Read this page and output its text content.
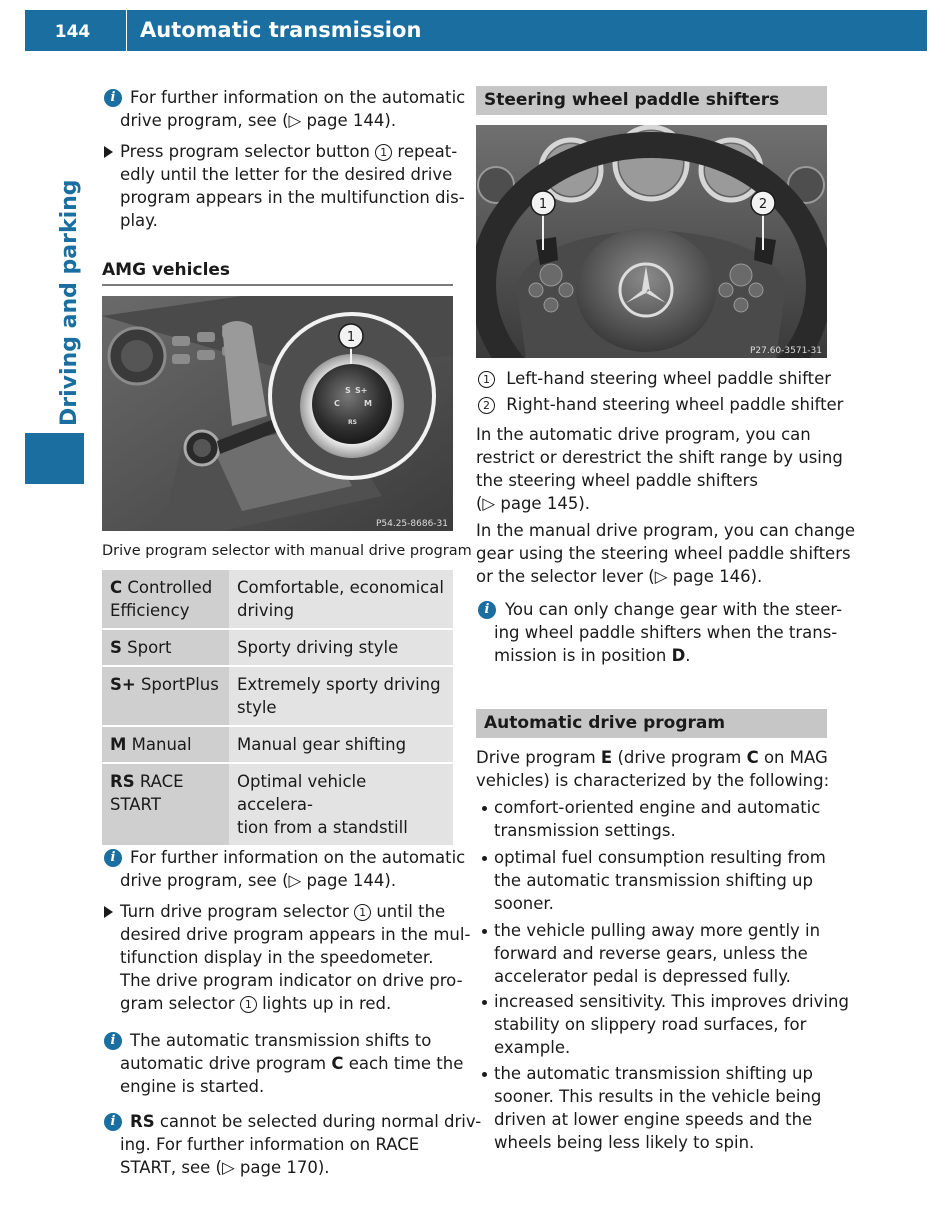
144	Automatic transmission
Driving and parking
i For further information on the automatic
drive program, see (▷ page 144).
Press program selector button 1 repeat-
edly until the letter for the desired drive
program appears in the multifunction dis-
play.
AMG vehicles
C
S S+
M
RS
1
P54.25-8686-31
Drive program selector with manual drive program
C Controlled
Efficiency	Comfortable, economical
driving
S Sport	Sporty driving style
S+ SportPlus	Extremely sporty driving
style
M Manual	Manual gear shifting
RS RACE
START	Optimal vehicle accelera-
tion from a standstill
i For further information on the automatic
drive program, see (▷ page 144).
Turn drive program selector 1 until the
desired drive program appears in the mul-
tifunction display in the speedometer.
The drive program indicator on drive pro-
gram selector 1 lights up in red.
i The automatic transmission shifts to
automatic drive program C each time the
engine is started.
i RS cannot be selected during normal driv-
ing. For further information on RACE
START, see (▷ page 170).
Steering wheel paddle shifters
1	2
P27.60-3571-31
1 Left-hand steering wheel paddle shifter
2 Right-hand steering wheel paddle shifter
In the automatic drive program, you can
restrict or derestrict the shift range by using
the steering wheel paddle shifters
(▷ page 145).
In the manual drive program, you can change
gear using the steering wheel paddle shifters
or the selector lever (▷ page 146).
i You can only change gear with the steer-
ing wheel paddle shifters when the trans-
mission is in position D.
Automatic drive program
Drive program E (drive program C on MAG
vehicles) is characterized by the following:
comfort-oriented engine and automatic
transmission settings.
optimal fuel consumption resulting from
the automatic transmission shifting up
sooner.
the vehicle pulling away more gently in
forward and reverse gears, unless the
accelerator pedal is depressed fully.
increased sensitivity. This improves driving
stability on slippery road surfaces, for
example.
the automatic transmission shifting up
sooner. This results in the vehicle being
driven at lower engine speeds and the
wheels being less likely to spin.
